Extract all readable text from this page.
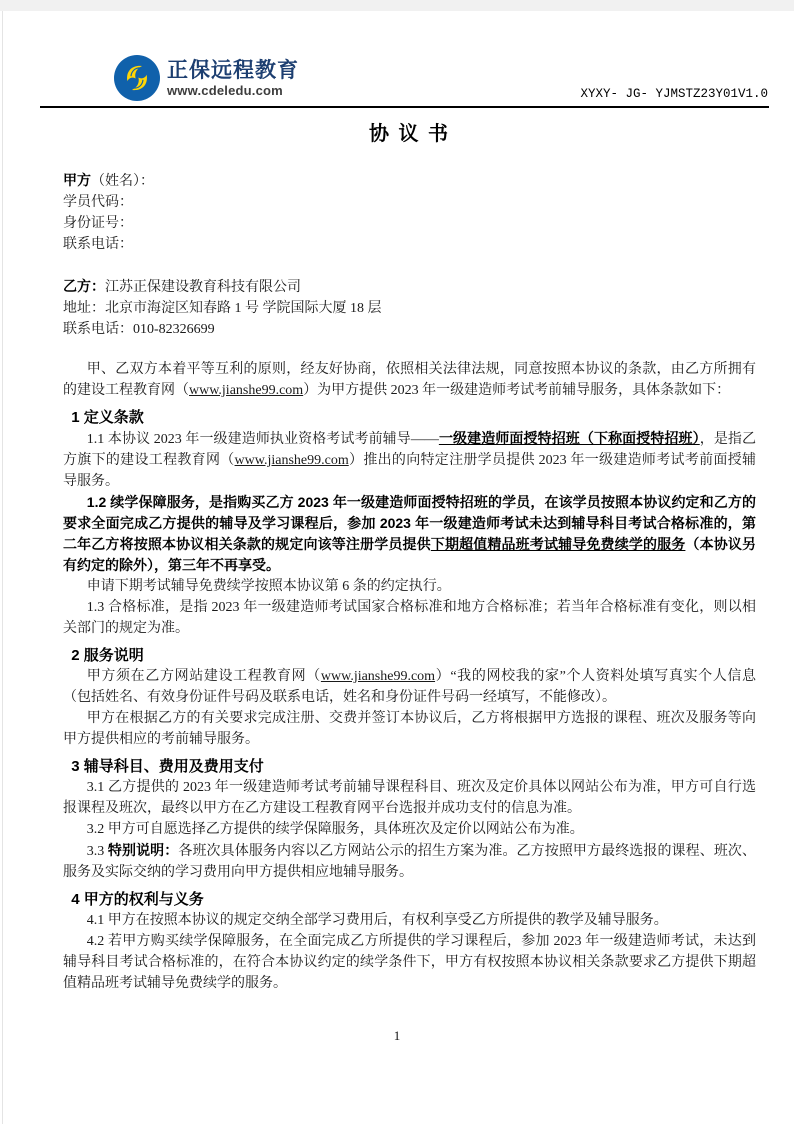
正保远程教育
www.cdeledu.com	XYXY- JG- YJMSTZ23Y01V1.0
协 议 书

甲方（姓名）：

学员代码：

身份证号：

联系电话：

乙方：江苏正保建设教育科技有限公司

地址：北京市海淀区知春路 1 号 学院国际大厦 18 层

联系电话：010-82326699

甲、乙双方本着平等互利的原则，经友好协商，依照相关法律法规，同意按照本协议的条款，由乙方所拥有的建设工程教育网（www.jianshe99.com）为甲方提供 2023 年一级建造师考试考前辅导服务，具体条款如下：

1 定义条款

1.1 本协议 2023 年一级建造师执业资格考试考前辅导——一级建造师面授特招班（下称面授特招班），是指乙方旗下的建设工程教育网（www.jianshe99.com）推出的向特定注册学员提供 2023 年一级建造师考试考前面授辅导服务。

1.2 续学保障服务，是指购买乙方 2023 年一级建造师面授特招班的学员，在该学员按照本协议约定和乙方的要求全面完成乙方提供的辅导及学习课程后，参加 2023 年一级建造师考试未达到辅导科目考试合格标准的，第二年乙方将按照本协议相关条款的规定向该等注册学员提供下期超值精品班考试辅导免费续学的服务（本协议另有约定的除外），第三年不再享受。

申请下期考试辅导免费续学按照本协议第 6 条的约定执行。

1.3 合格标准，是指 2023 年一级建造师考试国家合格标准和地方合格标准；若当年合格标准有变化，则以相关部门的规定为准。

2 服务说明

甲方须在乙方网站建设工程教育网（www.jianshe99.com）“我的网校我的家”个人资料处填写真实个人信息（包括姓名、有效身份证件号码及联系电话，姓名和身份证件号码一经填写，不能修改）。

甲方在根据乙方的有关要求完成注册、交费并签订本协议后，乙方将根据甲方选报的课程、班次及服务等向甲方提供相应的考前辅导服务。

3 辅导科目、费用及费用支付

3.1 乙方提供的 2023 年一级建造师考试考前辅导课程科目、班次及定价具体以网站公布为准，甲方可自行选报课程及班次，最终以甲方在乙方建设工程教育网平台选报并成功支付的信息为准。

3.2 甲方可自愿选择乙方提供的续学保障服务，具体班次及定价以网站公布为准。

3.3 特别说明：各班次具体服务内容以乙方网站公示的招生方案为准。乙方按照甲方最终选报的课程、班次、服务及实际交纳的学习费用向甲方提供相应地辅导服务。

4 甲方的权利与义务

4.1 甲方在按照本协议的规定交纳全部学习费用后，有权利享受乙方所提供的教学及辅导服务。

4.2 若甲方购买续学保障服务，在全面完成乙方所提供的学习课程后，参加 2023 年一级建造师考试，未达到辅导科目考试合格标准的，在符合本协议约定的续学条件下，甲方有权按照本协议相关条款要求乙方提供下期超值精品班考试辅导免费续学的服务。

1
